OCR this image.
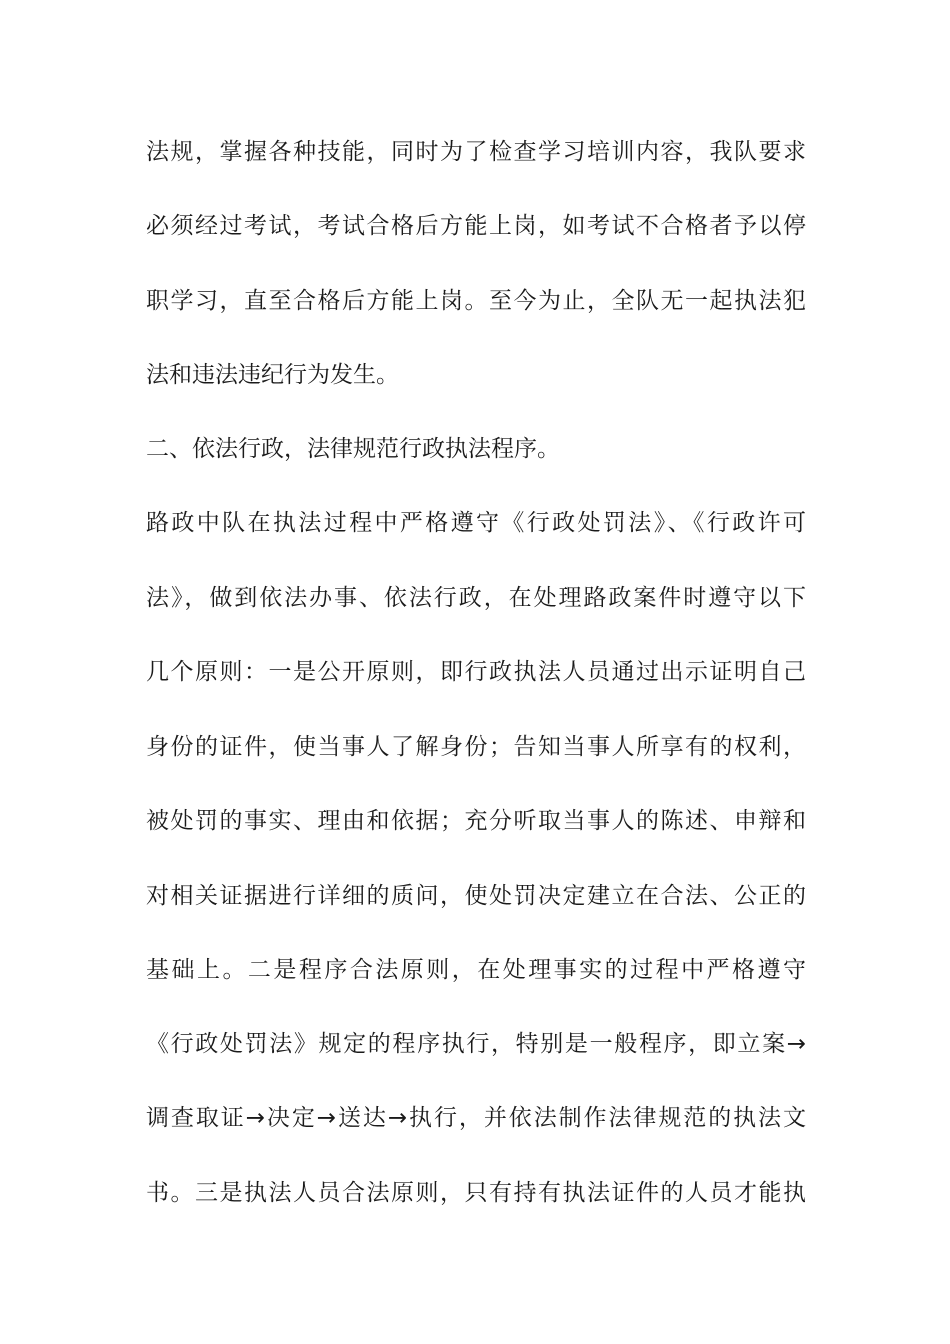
法规，掌握各种技能，同时为了检查学习培训内容，我队要求
必须经过考试，考试合格后方能上岗，如考试不合格者予以停
职学习，直至合格后方能上岗。至今为止，全队无一起执法犯
法和违法违纪行为发生。
二、依法行政，法律规范行政执法程序。
路政中队在执法过程中严格遵守《行政处罚法》、《行政许可
法》，做到依法办事、依法行政，在处理路政案件时遵守以下
几个原则：一是公开原则，即行政执法人员通过出示证明自己
身份的证件，使当事人了解身份；告知当事人所享有的权利，
被处罚的事实、理由和依据；充分听取当事人的陈述、申辩和
对相关证据进行详细的质问，使处罚决定建立在合法、公正的
基础上。二是程序合法原则，在处理事实的过程中严格遵守
《行政处罚法》规定的程序执行，特别是一般程序，即立案→
调查取证→决定→送达→执行，并依法制作法律规范的执法文
书。三是执法人员合法原则，只有持有执法证件的人员才能执
